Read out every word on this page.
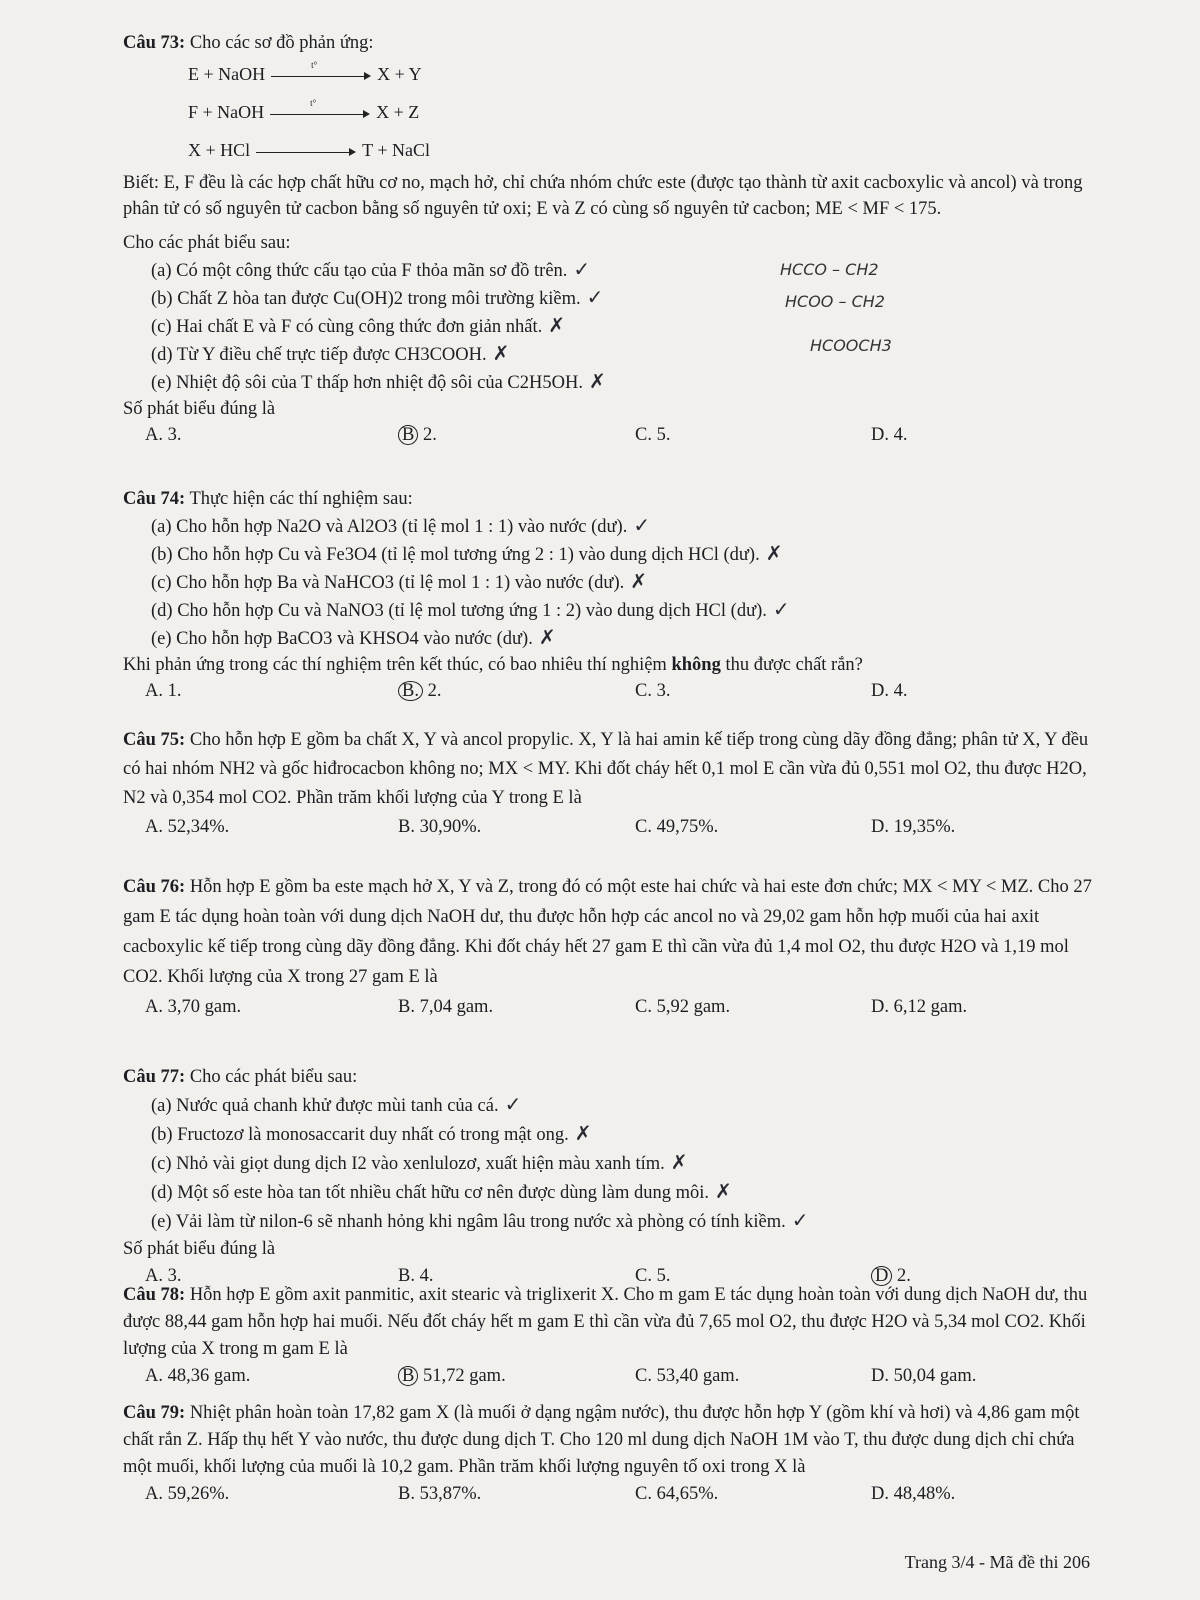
Câu 73: Cho các sơ đồ phản ứng:

E + NaOH	t°	X + Y
F + NaOH	t°	X + Z
X + HCl	T + NaCl

Biết: E, F đều là các hợp chất hữu cơ no, mạch hở, chỉ chứa nhóm chức este (được tạo thành từ axit cacboxylic và ancol) và trong phân tử có số nguyên tử cacbon bằng số nguyên tử oxi; E và Z có cùng số nguyên tử cacbon; ME < MF < 175.

Cho các phát biểu sau:

(a) Có một công thức cấu tạo của F thỏa mãn sơ đồ trên. ✓

(b) Chất Z hòa tan được Cu(OH)2 trong môi trường kiềm. ✓

(c) Hai chất E và F có cùng công thức đơn giản nhất. ✗

(d) Từ Y điều chế trực tiếp được CH3COOH. ✗

(e) Nhiệt độ sôi của T thấp hơn nhiệt độ sôi của C2H5OH. ✗

Số phát biểu đúng là

A. 3.	B 2.	C. 5.	D. 4.
HCCO – CH2
HCOO – CH2
HCOOCH3

Câu 74: Thực hiện các thí nghiệm sau:

(a) Cho hỗn hợp Na2O và Al2O3 (tỉ lệ mol 1 : 1) vào nước (dư). ✓

(b) Cho hỗn hợp Cu và Fe3O4 (tỉ lệ mol tương ứng 2 : 1) vào dung dịch HCl (dư). ✗

(c) Cho hỗn hợp Ba và NaHCO3 (tỉ lệ mol 1 : 1) vào nước (dư). ✗

(d) Cho hỗn hợp Cu và NaNO3 (tỉ lệ mol tương ứng 1 : 2) vào dung dịch HCl (dư). ✓

(e) Cho hỗn hợp BaCO3 và KHSO4 vào nước (dư). ✗

Khi phản ứng trong các thí nghiệm trên kết thúc, có bao nhiêu thí nghiệm không thu được chất rắn?

A. 1.	B. 2.	C. 3.	D. 4.

Câu 75: Cho hỗn hợp E gồm ba chất X, Y và ancol propylic. X, Y là hai amin kế tiếp trong cùng dãy đồng đẳng; phân tử X, Y đều có hai nhóm NH2 và gốc hiđrocacbon không no; MX < MY. Khi đốt cháy hết 0,1 mol E cần vừa đủ 0,551 mol O2, thu được H2O, N2 và 0,354 mol CO2. Phần trăm khối lượng của Y trong E là

A. 52,34%.	B. 30,90%.	C. 49,75%.	D. 19,35%.

Câu 76: Hỗn hợp E gồm ba este mạch hở X, Y và Z, trong đó có một este hai chức và hai este đơn chức; MX < MY < MZ. Cho 27 gam E tác dụng hoàn toàn với dung dịch NaOH dư, thu được hỗn hợp các ancol no và 29,02 gam hỗn hợp muối của hai axit cacboxylic kế tiếp trong cùng dãy đồng đẳng. Khi đốt cháy hết 27 gam E thì cần vừa đủ 1,4 mol O2, thu được H2O và 1,19 mol CO2. Khối lượng của X trong 27 gam E là

A. 3,70 gam.	B. 7,04 gam.	C. 5,92 gam.	D. 6,12 gam.

Câu 77: Cho các phát biểu sau:

(a) Nước quả chanh khử được mùi tanh của cá. ✓

(b) Fructozơ là monosaccarit duy nhất có trong mật ong. ✗

(c) Nhỏ vài giọt dung dịch I2 vào xenlulozơ, xuất hiện màu xanh tím. ✗

(d) Một số este hòa tan tốt nhiều chất hữu cơ nên được dùng làm dung môi. ✗

(e) Vải làm từ nilon-6 sẽ nhanh hỏng khi ngâm lâu trong nước xà phòng có tính kiềm. ✓

Số phát biểu đúng là

A. 3.	B. 4.	C. 5.	D 2.

Câu 78: Hỗn hợp E gồm axit panmitic, axit stearic và triglixerit X. Cho m gam E tác dụng hoàn toàn với dung dịch NaOH dư, thu được 88,44 gam hỗn hợp hai muối. Nếu đốt cháy hết m gam E thì cần vừa đủ 7,65 mol O2, thu được H2O và 5,34 mol CO2. Khối lượng của X trong m gam E là

A. 48,36 gam.	B 51,72 gam.	C. 53,40 gam.	D. 50,04 gam.

Câu 79: Nhiệt phân hoàn toàn 17,82 gam X (là muối ở dạng ngậm nước), thu được hỗn hợp Y (gồm khí và hơi) và 4,86 gam một chất rắn Z. Hấp thụ hết Y vào nước, thu được dung dịch T. Cho 120 ml dung dịch NaOH 1M vào T, thu được dung dịch chỉ chứa một muối, khối lượng của muối là 10,2 gam. Phần trăm khối lượng nguyên tố oxi trong X là

A. 59,26%.	B. 53,87%.	C. 64,65%.	D. 48,48%.
Trang 3/4 - Mã đề thi 206
